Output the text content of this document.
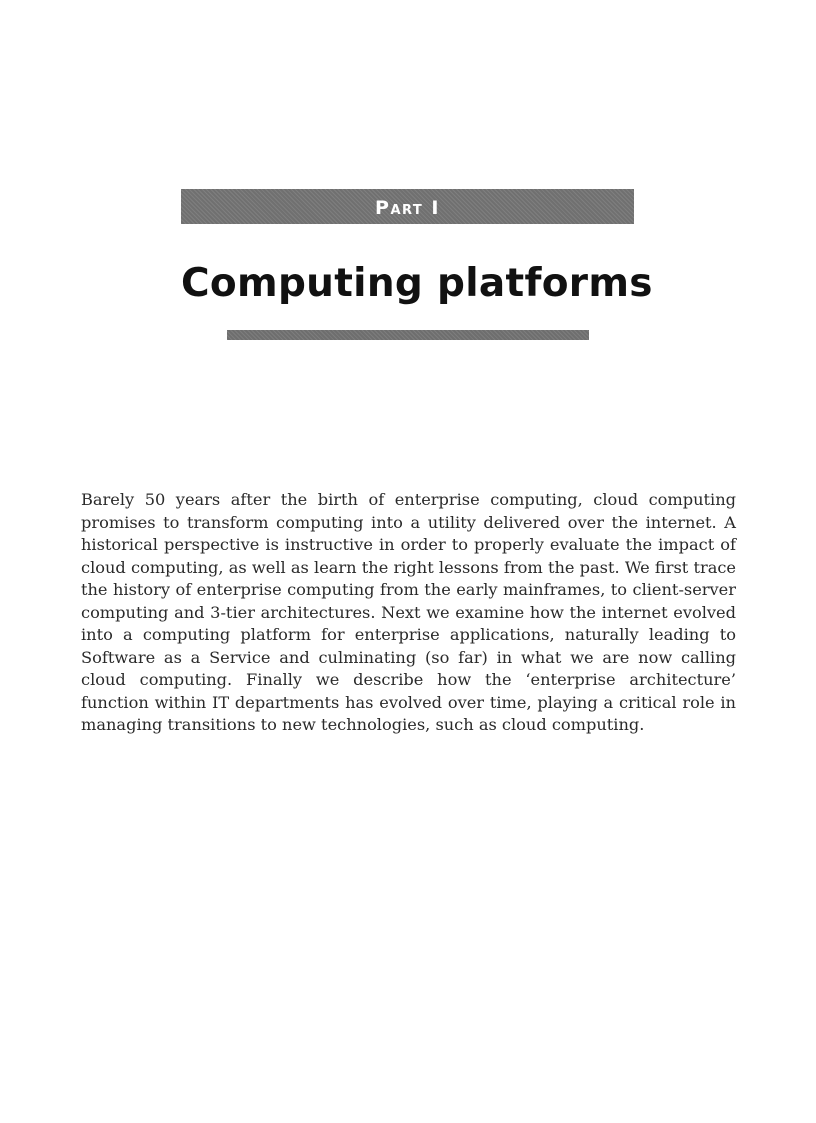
Part I
Computing platforms

Barely 50 years after the birth of enterprise computing, cloud computing promises to transform computing into a utility delivered over the internet. A historical perspective is instructive in order to properly evaluate the impact of cloud computing, as well as learn the right lessons from the past. We first trace the history of enterprise computing from the early mainframes, to client-server computing and 3-tier architectures. Next we examine how the internet evolved into a computing platform for enterprise applications, naturally leading to Software as a Service and culminating (so far) in what we are now calling cloud computing. Finally we describe how the ‘enterprise architecture’ function within IT departments has evolved over time, playing a critical role in managing transitions to new technologies, such as cloud computing.
